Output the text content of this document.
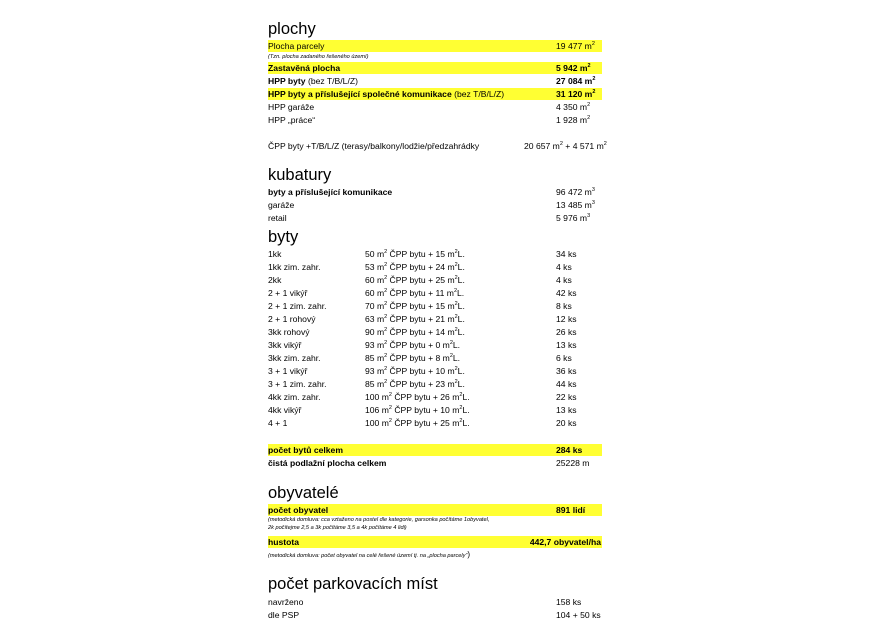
plochy
Plocha parcely	19 477 $m^2$
(Tzn. plocha zadaného řešeného území)
Zastavěná plocha	5 942 $m^2$
HPP byty (bez T/B/L/Z)	27 084 $m^2$
HPP byty a příslušející společné komunikace (bez T/B/L/Z)	31 120 $m^2$
HPP garáže	4 350 $m^2$
HPP „práce“	1 928 $m^2$
ČPP byty +T/B/L/Z (terasy/balkony/lodžie/předzahrádky	20 657 $m^2 + 4$ 571 $m^2$
kubatury
byty a příslušející komunikace	96 472 $m^3$
garáže	13 485 $m^3$
retail	5 976 $m^3$
byty
1kk	50 $m^2$ ČPP bytu + 15 $m^2L$.	34 ks
1kk zim. zahr.	53 $m^2$ ČPP bytu + 24 $m^2L$.	4 ks
2kk	60 $m^2$ ČPP bytu + 25 $m^2L$.	4 ks
2 + 1 vikýř	60 $m^2$ ČPP bytu + 11 $m^2L$.	42 ks
2 + 1 zim. zahr.	70 $m^2$ ČPP bytu + 15 $m^2L$.	8 ks
2 + 1 rohový	63 $m^2$ ČPP bytu + 21 $m^2L$.	12 ks
3kk rohový	90 $m^2$ ČPP bytu + 14 $m^2L$.	26 ks
3kk vikýř	93 $m^2$ ČPP bytu + 0 $m^2L$.	13 ks
3kk zim. zahr.	85 $m^2$ ČPP bytu + 8 $m^2L$.	6 ks
3 + 1 vikýř	93 $m^2$ ČPP bytu + 10 $m^2L$.	36 ks
3 + 1 zim. zahr.	85 $m^2$ ČPP bytu + 23 $m^2L$.	44 ks
4kk zim. zahr.	100 $m^2$ ČPP bytu + 26 $m^2L$.	22 ks
4kk vikýř	106 $m^2$ ČPP bytu + 10 $m^2L$.	13 ks
4 + 1	100 $m^2$ ČPP bytu + 25 $m^2L$.	20 ks
počet bytů celkem	284 ks
čistá podlažní plocha celkem	25228 m
obyvatelé
počet obyvatel	891 lidí
(metodická domluva: cca vztaženo na postel dle kategorie, garsonka počítáme 1obyvatel,
2k počítejme 2,5 a 3k počítáme 3,5 a 4k počítáme 4 lidi)
hustota	442,7 obyvatel/ha
(metodická domluva: počet obyvatel na celé řešené území tj. na „plocha parcely“)
počet parkovacích míst
navrženo	158 ks
dle PSP	104 + 50 ks
